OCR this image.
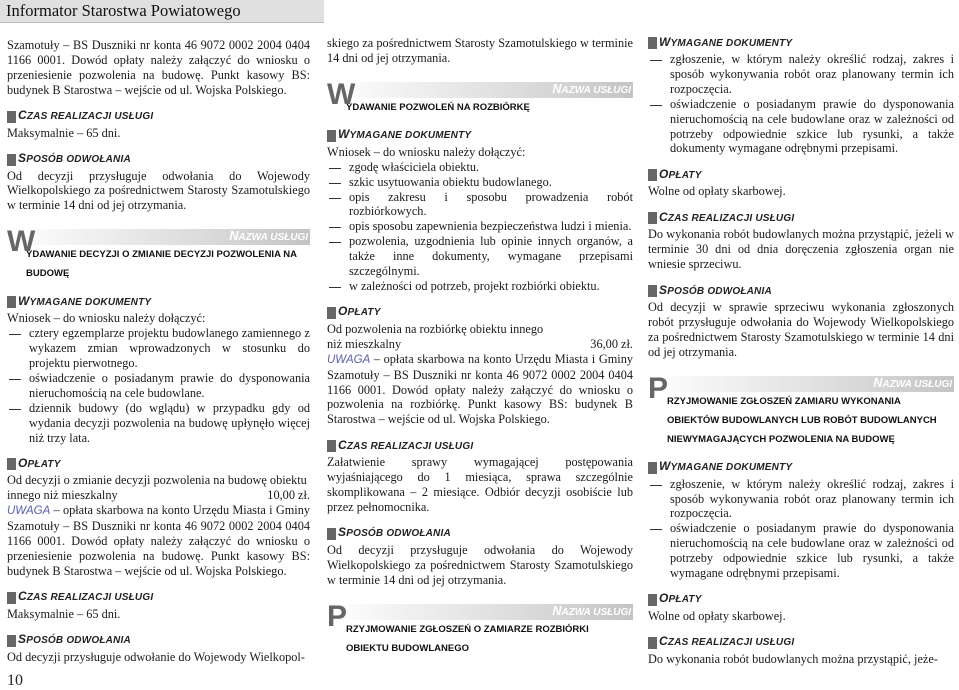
Informator Starostwa Powiatowego

Szamotuły – BS Duszniki nr konta 46 9072 0002 2004 0404 1166 0001. Dowód opłaty należy załączyć do wniosku o przeniesienie pozwolenia na budowę. Punkt kasowy BS: budynek B Starostwa – wejście od ul. Wojska Polskiego.

CZAS REALIZACJI USŁUGI

Maksymalnie – 65 dni.

SPOSÓB ODWOŁANIA

Od decyzji przysługuje odwołania do Wojewody Wielkopolskiego za pośrednictwem Starosty Szamotulskiego w terminie 14 dni od jej otrzymania.

W	NAZWA USŁUGI
YDAWANIE DECYZJI O ZMIANIE DECYZJI POZWOLENIA NA BUDOWĘ
WYMAGANE DOKUMENTY

Wniosek – do wniosku należy dołączyć:

cztery egzemplarze projektu budowlanego zamiennego z wykazem zmian wprowadzonych w stosunku do projektu pierwotnego.
oświadczenie o posiadanym prawie do dysponowania nieruchomością na cele budowlane.
dziennik budowy (do wglądu) w przypadku gdy od wydania decyzji pozwolenia na budowę upłynęło więcej niż trzy lata.
OPŁATY

Od decyzji o zmianie decyzji pozwolenia na budowę obiektu

innego niż mieszkalny	10,00 zł.

UWAGA – opłata skarbowa na konto Urzędu Miasta i Gminy Szamotuły – BS Duszniki nr konta 46 9072 0002 2004 0404 1166 0001. Dowód opłaty należy załączyć do wniosku o przeniesienie pozwolenia na budowę. Punkt kasowy BS: budynek B Starostwa – wejście od ul. Wojska Polskiego.

CZAS REALIZACJI USŁUGI

Maksymalnie – 65 dni.

SPOSÓB ODWOŁANIA

Od decyzji przysługuje odwołanie do Wojewody Wielkopol-

skiego za pośrednictwem Starosty Szamotulskiego w terminie 14 dni od jej otrzymania.

W	NAZWA USŁUGI
YDAWANIE POZWOLEŃ NA ROZBIÓRKĘ
WYMAGANE DOKUMENTY

Wniosek – do wniosku należy dołączyć:

zgodę właściciela obiektu.
szkic usytuowania obiektu budowlanego.
opis zakresu i sposobu prowadzenia robót rozbiórkowych.
opis sposobu zapewnienia bezpieczeństwa ludzi i mienia.
pozwolenia, uzgodnienia lub opinie innych organów, a także inne dokumenty, wymagane przepisami szczególnymi.
w zależności od potrzeb, projekt rozbiórki obiektu.
OPŁATY

Od pozwolenia na rozbiórkę obiektu innego

niż mieszkalny	36,00 zł.

UWAGA – opłata skarbowa na konto Urzędu Miasta i Gminy Szamotuły – BS Duszniki nr konta 46 9072 0002 2004 0404 1166 0001. Dowód opłaty należy załączyć do wniosku o pozwolenia na rozbiórkę. Punkt kasowy BS: budynek B Starostwa – wejście od ul. Wojska Polskiego.

CZAS REALIZACJI USŁUGI

Załatwienie sprawy wymagającej postępowania wyjaśniającego do 1 miesiąca, sprawa szczególnie skomplikowana – 2 miesiące. Odbiór decyzji osobiście lub przez pełnomocnika.

SPOSÓB ODWOŁANIA

Od decyzji przysługuje odwołania do Wojewody Wielkopolskiego za pośrednictwem Starosty Szamotulskiego w terminie 14 dni od jej otrzymania.

P	NAZWA USŁUGI
RZYJMOWANIE ZGŁOSZEŃ O ZAMIARZE ROZBIÓRKI OBIEKTU BUDOWLANEGO
WYMAGANE DOKUMENTY
zgłoszenie, w którym należy określić rodzaj, zakres i sposób wykonywania robót oraz planowany termin ich rozpoczęcia.
oświadczenie o posiadanym prawie do dysponowania nieruchomością na cele budowlane oraz w zależności od potrzeby odpowiednie szkice lub rysunki, a także dokumenty wymagane odrębnymi przepisami.
OPŁATY

Wolne od opłaty skarbowej.

CZAS REALIZACJI USŁUGI

Do wykonania robót budowlanych można przystąpić, jeżeli w terminie 30 dni od dnia doręczenia zgłoszenia organ nie wniesie sprzeciwu.

SPOSÓB ODWOŁANIA

Od decyzji w sprawie sprzeciwu wykonania zgłoszonych robót przysługuje odwołania do Wojewody Wielkopolskiego za pośrednictwem Starosty Szamotulskiego w terminie 14 dni od jej otrzymania.

P	NAZWA USŁUGI
RZYJMOWANIE ZGŁOSZEŃ ZAMIARU WYKONANIA OBIEKTÓW BUDOWLANYCH LUB ROBÓT BUDOWLANYCH NIEWYMAGAJĄCYCH POZWOLENIA NA BUDOWĘ
WYMAGANE DOKUMENTY
zgłoszenie, w którym należy określić rodzaj, zakres i sposób wykonywania robót oraz planowany termin ich rozpoczęcia.
oświadczenie o posiadanym prawie do dysponowania nieruchomością na cele budowlane oraz w zależności od potrzeby odpowiednie szkice lub rysunki, a także wymagane odrębnymi przepisami.
OPŁATY

Wolne od opłaty skarbowej.

CZAS REALIZACJI USŁUGI

Do wykonania robót budowlanych można przystąpić, jeże-

10
